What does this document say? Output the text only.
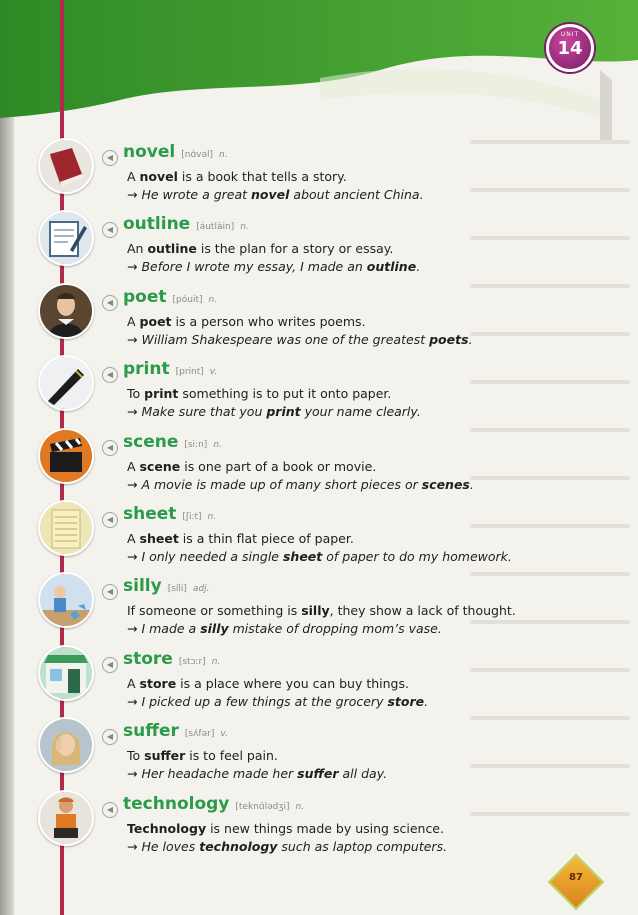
UNIT
14
◀ novel [nɑ́vəl] n.
A novel is a book that tells a story.
→ He wrote a great novel about ancient China.
◀ outline [áutlàin] n.
An outline is the plan for a story or essay.
→ Before I wrote my essay, I made an outline.
◀ poet [póuit] n.
A poet is a person who writes poems.
→ William Shakespeare was one of the greatest poets.
◀ print [print] v.
To print something is to put it onto paper.
→ Make sure that you print your name clearly.
◀ scene [si:n] n.
A scene is one part of a book or movie.
→ A movie is made up of many short pieces or scenes.
◀ sheet [ʃi:t] n.
A sheet is a thin flat piece of paper.
→ I only needed a single sheet of paper to do my homework.
◀ silly [síli] adj.
If someone or something is silly, they show a lack of thought.
→ I made a silly mistake of dropping mom’s vase.
◀ store [stɔːr] n.
A store is a place where you can buy things.
→ I picked up a few things at the grocery store.
◀ suffer [sʌ́fər] v.
To suffer is to feel pain.
→ Her headache made her suffer all day.
◀ technology [teknɑ́lədʒi] n.
Technology is new things made by using science.
→ He loves technology such as laptop computers.
87
